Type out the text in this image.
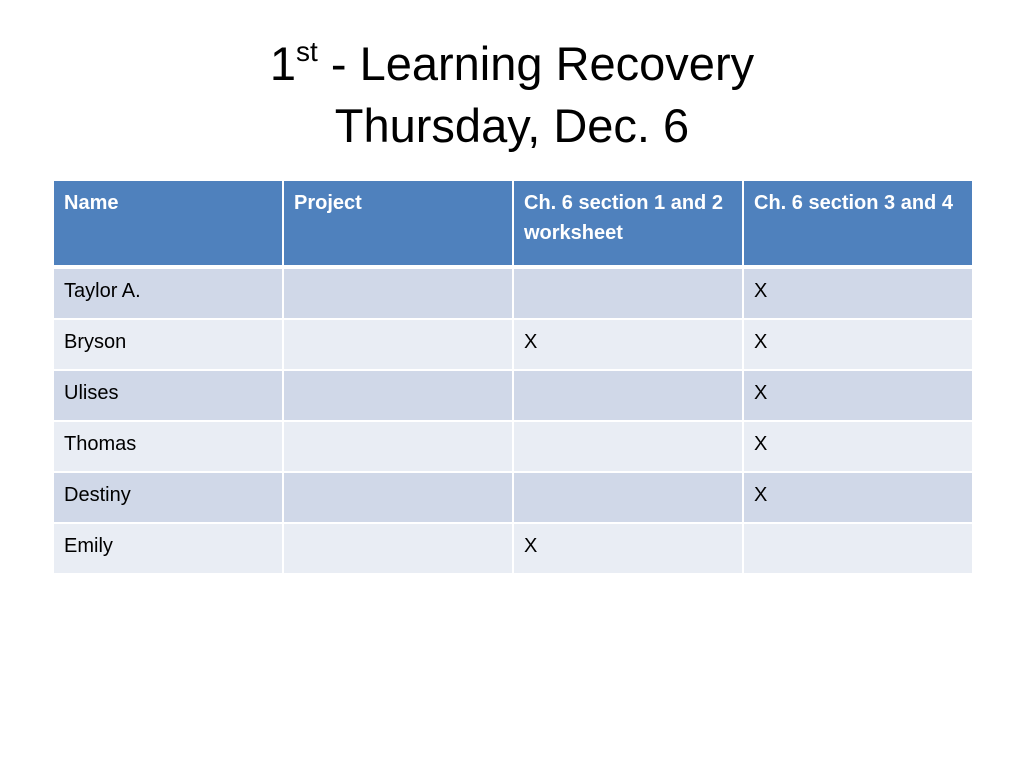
1st - Learning Recovery
Thursday, Dec. 6
Name	Project	Ch. 6 section 1 and 2 worksheet	Ch. 6 section 3 and 4
Taylor A.			X
Bryson		X	X
Ulises			X
Thomas			X
Destiny			X
Emily		X	
